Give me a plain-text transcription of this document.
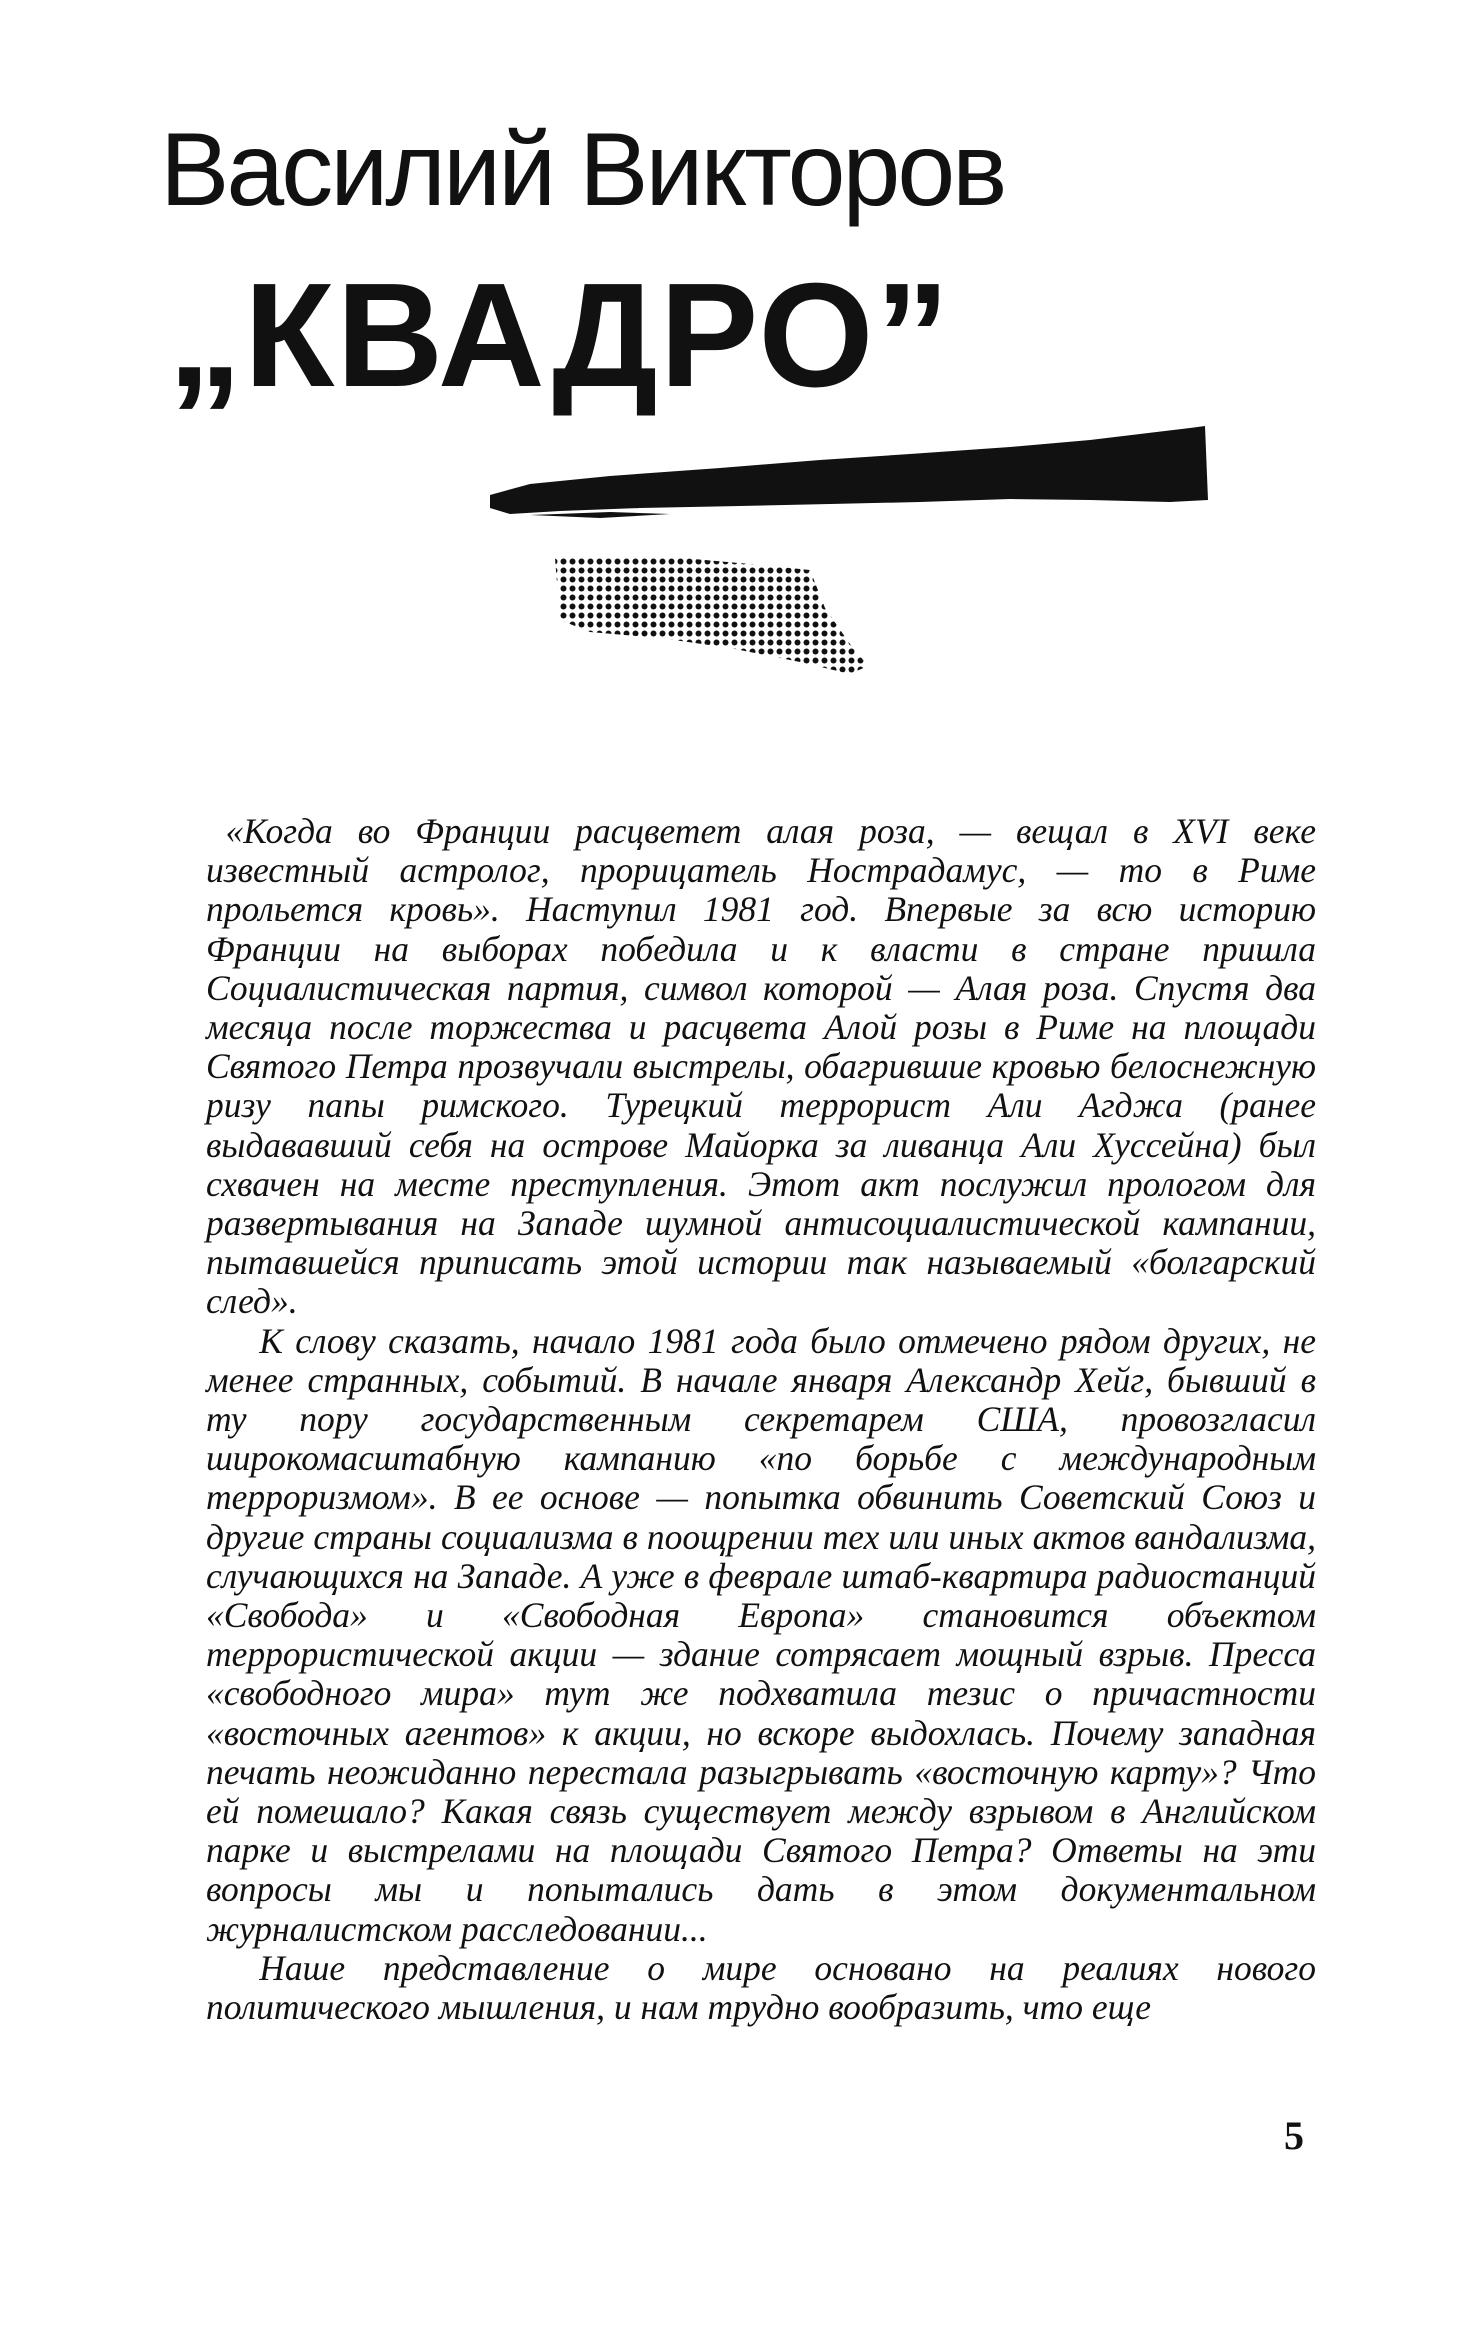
Василий Викторов
„КВАДРО”

«Когда во Франции расцветет алая роза, — вещал в XVI веке известный астролог, прорицатель Нострадамус, — то в Риме прольется кровь». Наступил 1981 год. Впервые за всю историю Франции на выборах победила и к власти в стране пришла Социалистическая партия, символ которой — Алая роза. Спустя два месяца после торжества и расцвета Алой розы в Риме на площади Святого Петра прозвучали выстрелы, обагрившие кровью белоснежную ризу папы римского. Турецкий террорист Али Агджа (ранее выдававший себя на острове Майорка за ливанца Али Хуссейна) был схвачен на месте преступления. Этот акт послужил прологом для развертывания на Западе шумной антисоциалистической кампании, пытавшейся приписать этой истории так называемый «болгарский след».

К слову сказать, начало 1981 года было отмечено рядом других, не менее странных, событий. В начале января Александр Хейг, бывший в ту пору государственным секретарем США, провозгласил широкомасштабную кампанию «по борьбе с международным терроризмом». В ее основе — попытка обвинить Советский Союз и другие страны социализма в поощрении тех или иных актов вандализма, случающихся на Западе. А уже в феврале штаб-квартира радиостанций «Свобода» и «Свободная Европа» становится объектом террористической акции — здание сотрясает мощный взрыв. Пресса «свободного мира» тут же подхватила тезис о причастности «восточных агентов» к акции, но вскоре выдохлась. Почему западная печать неожиданно перестала разыгрывать «восточную карту»? Что ей помешало? Какая связь существует между взрывом в Английском парке и выстрелами на площади Святого Петра? Ответы на эти вопросы мы и попытались дать в этом документальном журналистском расследовании...

Наше представление о мире основано на реалиях нового политического мышления, и нам трудно вообразить, что еще

5
